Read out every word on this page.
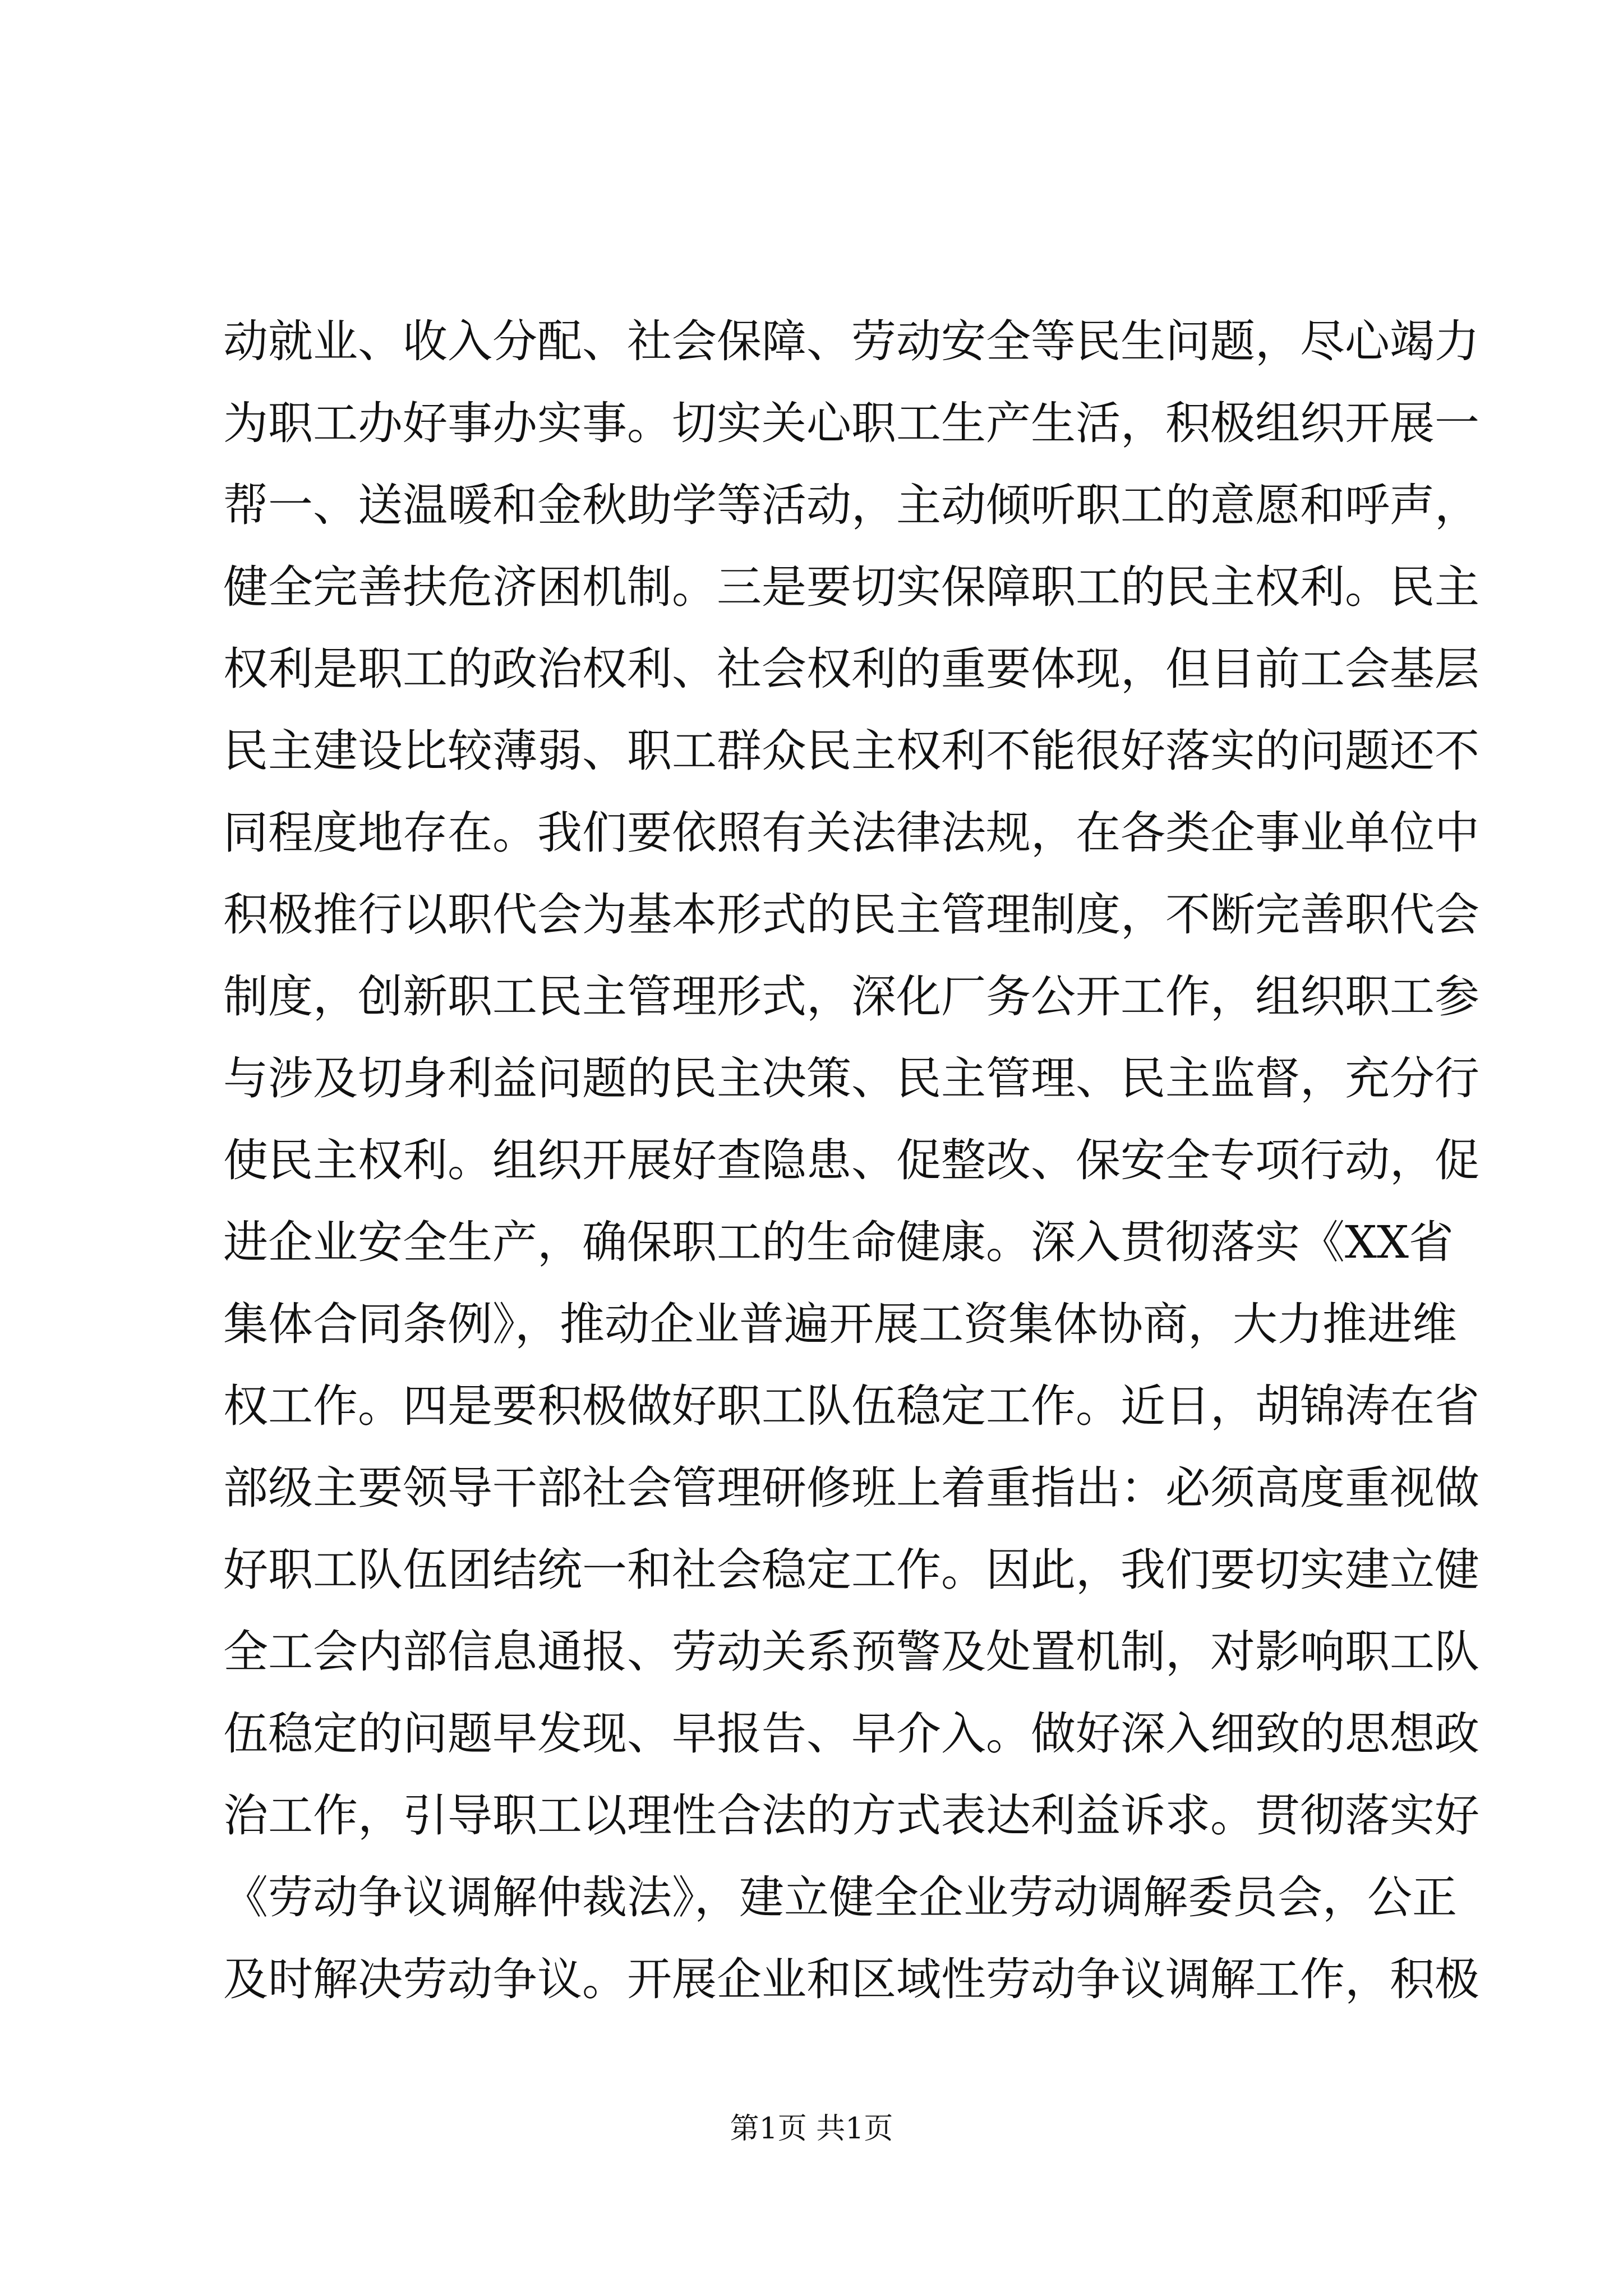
动就业、收入分配、社会保障、劳动安全等民生问题，尽心竭力
为职工办好事办实事。切实关心职工生产生活，积极组织开展一
帮一、送温暖和金秋助学等活动，主动倾听职工的意愿和呼声，
健全完善扶危济困机制。三是要切实保障职工的民主权利。民主
权利是职工的政治权利、社会权利的重要体现，但目前工会基层
民主建设比较薄弱、职工群众民主权利不能很好落实的问题还不
同程度地存在。我们要依照有关法律法规，在各类企事业单位中
积极推行以职代会为基本形式的民主管理制度，不断完善职代会
制度，创新职工民主管理形式，深化厂务公开工作，组织职工参
与涉及切身利益问题的民主决策、民主管理、民主监督，充分行
使民主权利。组织开展好查隐患、促整改、保安全专项行动，促
进企业安全生产，确保职工的生命健康。深入贯彻落实《XX省
集体合同条例》，推动企业普遍开展工资集体协商，大力推进维
权工作。四是要积极做好职工队伍稳定工作。近日，胡锦涛在省
部级主要领导干部社会管理研修班上着重指出：必须高度重视做
好职工队伍团结统一和社会稳定工作。因此，我们要切实建立健
全工会内部信息通报、劳动关系预警及处置机制，对影响职工队
伍稳定的问题早发现、早报告、早介入。做好深入细致的思想政
治工作，引导职工以理性合法的方式表达利益诉求。贯彻落实好
《劳动争议调解仲裁法》，建立健全企业劳动调解委员会，公正
及时解决劳动争议。开展企业和区域性劳动争议调解工作，积极
第1页 共1页
